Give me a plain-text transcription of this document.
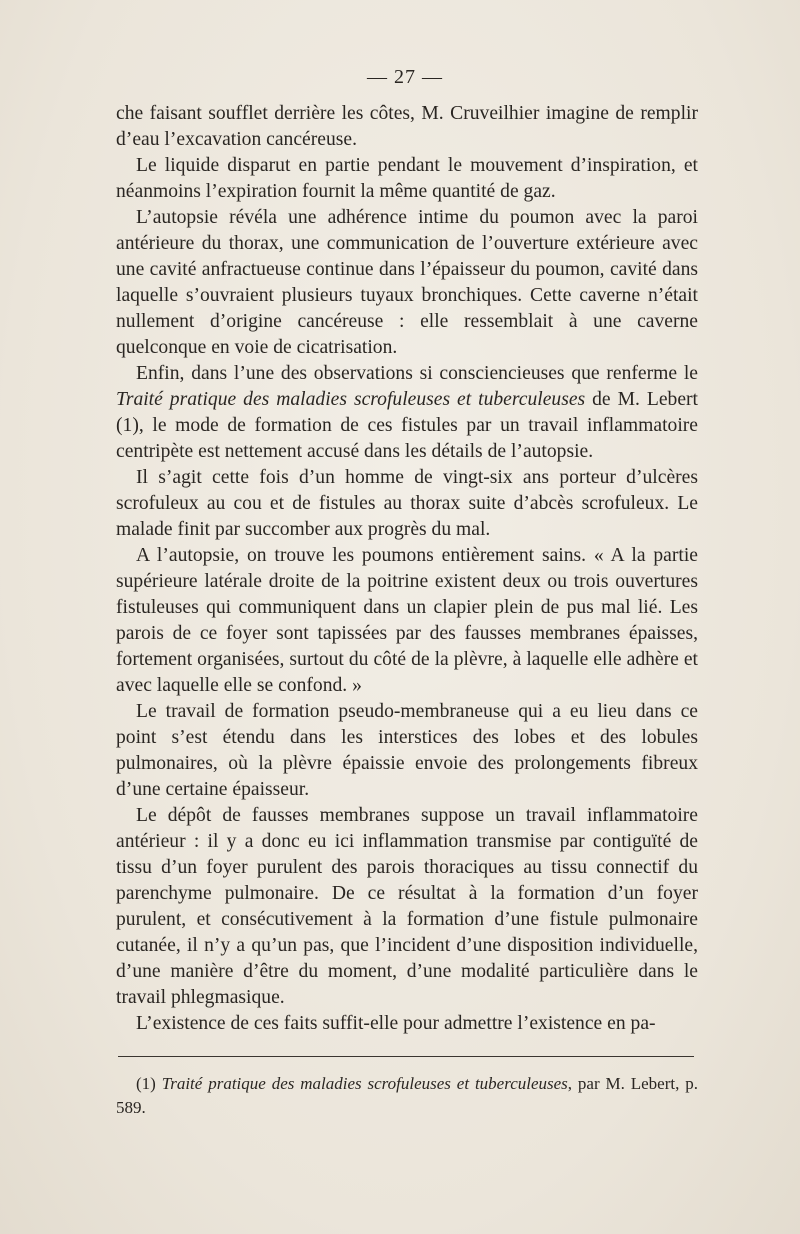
— 27 —

che faisant soufflet derrière les côtes, M. Cruveilhier imagine de remplir d’eau l’excavation cancéreuse.

Le liquide disparut en partie pendant le mouvement d’inspiration, et néanmoins l’expiration fournit la même quantité de gaz.

L’autopsie révéla une adhérence intime du poumon avec la paroi antérieure du thorax, une communication de l’ouverture extérieure avec une cavité anfractueuse continue dans l’épaisseur du poumon, cavité dans laquelle s’ouvraient plusieurs tuyaux bronchiques. Cette caverne n’était nullement d’origine cancéreuse : elle ressemblait à une caverne quelconque en voie de cicatrisation.

Enfin, dans l’une des observations si consciencieuses que renferme le Traité pratique des maladies scrofuleuses et tuberculeuses de M. Lebert (1), le mode de formation de ces fistules par un travail inflammatoire centripète est nettement accusé dans les détails de l’autopsie.

Il s’agit cette fois d’un homme de vingt-six ans porteur d’ulcères scrofuleux au cou et de fistules au thorax suite d’abcès scrofuleux. Le malade finit par succomber aux progrès du mal.

A l’autopsie, on trouve les poumons entièrement sains. « A la partie supérieure latérale droite de la poitrine existent deux ou trois ouvertures fistuleuses qui communiquent dans un clapier plein de pus mal lié. Les parois de ce foyer sont tapissées par des fausses membranes épaisses, fortement organisées, surtout du côté de la plèvre, à laquelle elle adhère et avec laquelle elle se confond. »

Le travail de formation pseudo-membraneuse qui a eu lieu dans ce point s’est étendu dans les interstices des lobes et des lobules pulmonaires, où la plèvre épaissie envoie des prolongements fibreux d’une certaine épaisseur.

Le dépôt de fausses membranes suppose un travail inflammatoire antérieur : il y a donc eu ici inflammation transmise par contiguïté de tissu d’un foyer purulent des parois thoraciques au tissu connectif du parenchyme pulmonaire. De ce résultat à la formation d’un foyer purulent, et consécutivement à la formation d’une fistule pulmonaire cutanée, il n’y a qu’un pas, que l’incident d’une disposition individuelle, d’une manière d’être du moment, d’une modalité particulière dans le travail phlegmasique.

L’existence de ces faits suffit-elle pour admettre l’existence en pa-

(1) Traité pratique des maladies scrofuleuses et tuberculeuses, par M. Lebert, p. 589.
